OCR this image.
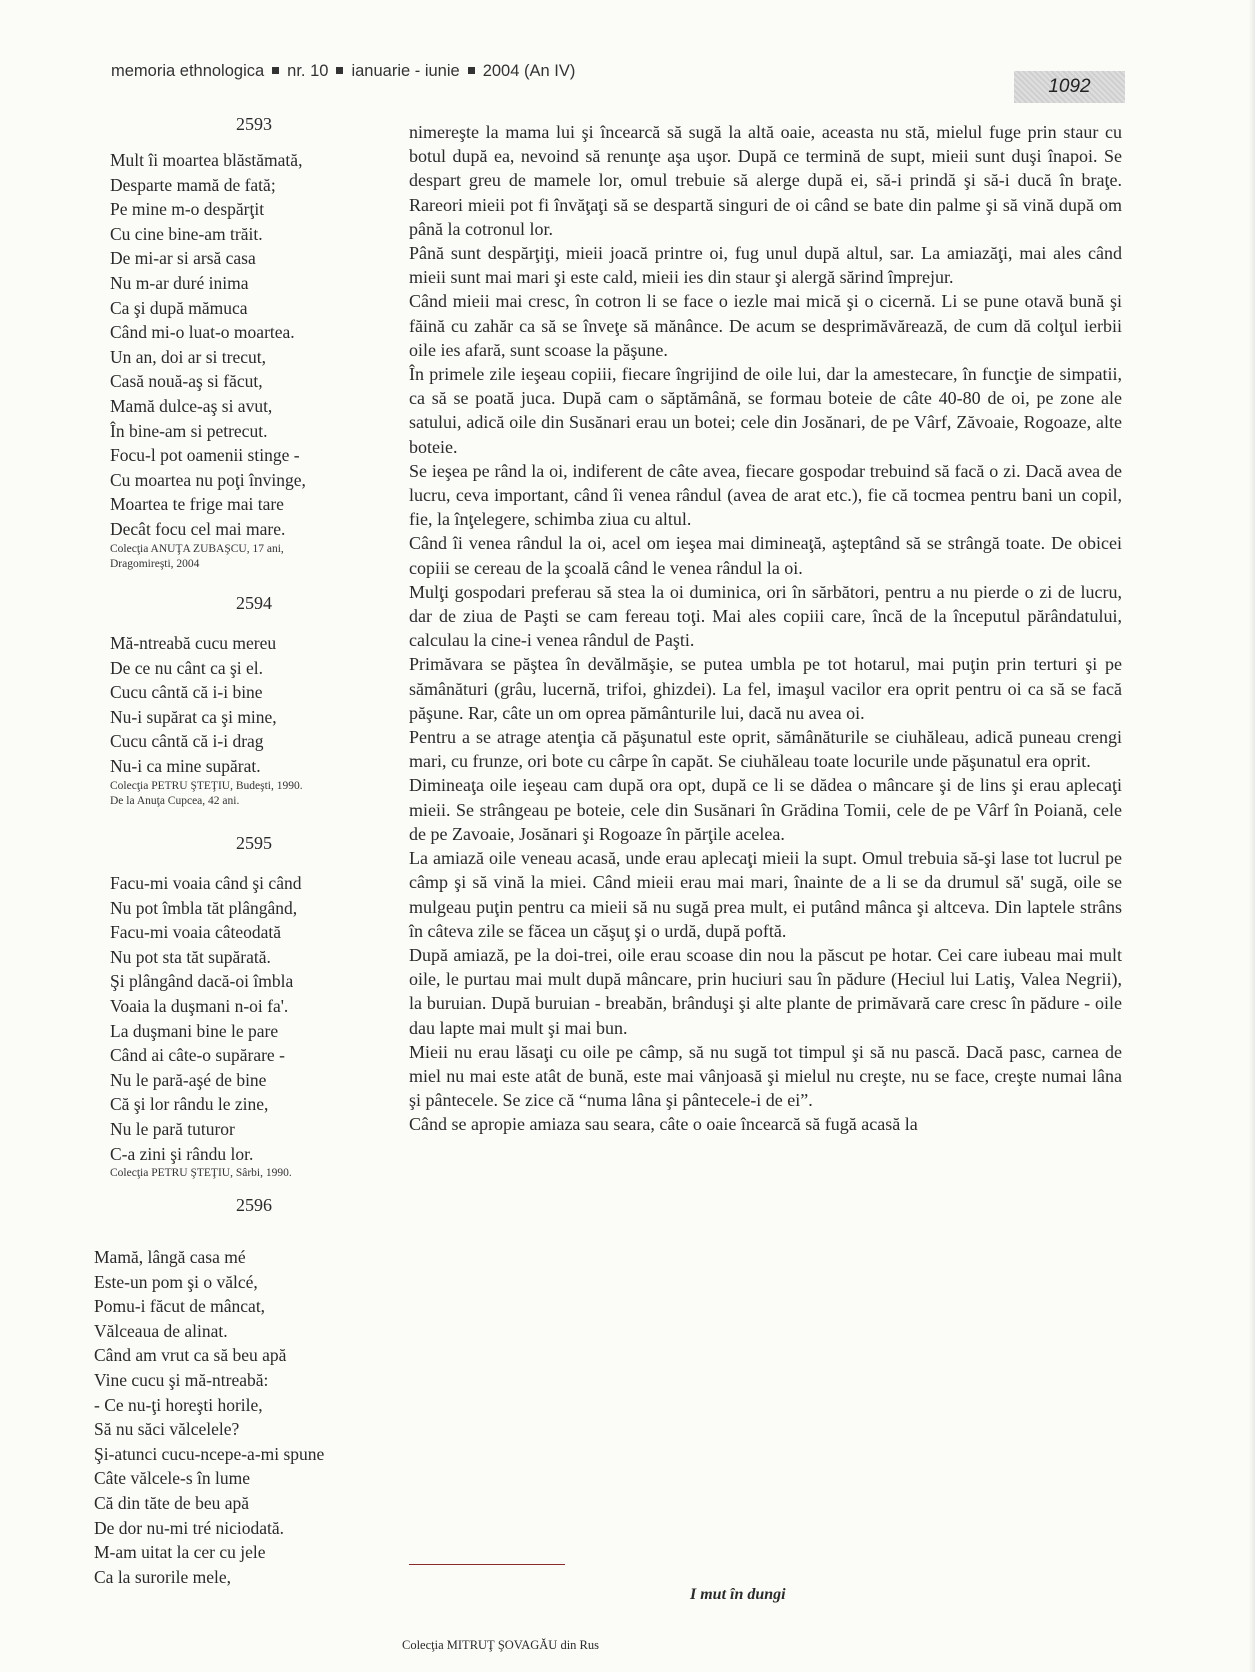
memoria ethnologica nr. 10 ianuarie - iunie 2004 (An IV)
1092
2593
Mult îi moartea blăstămată,
Desparte mamă de fată;
Pe mine m-o despărţit
Cu cine bine-am trăit.
De mi-ar si arsă casa
Nu m-ar duré inima
Ca şi după mămuca
Când mi-o luat-o moartea.
Un an, doi ar si trecut,
Casă nouă-aş si făcut,
Mamă dulce-aş si avut,
În bine-am si petrecut.
Focu-l pot oamenii stinge -
Cu moartea nu poţi învinge,
Moartea te frige mai tare
Decât focu cel mai mare.
Colecţia ANUŢA ZUBAŞCU, 17 ani,
Dragomireşti, 2004
2594
Mă-ntreabă cucu mereu
De ce nu cânt ca şi el.
Cucu cântă că i-i bine
Nu-i supărat ca şi mine,
Cucu cântă că i-i drag
Nu-i ca mine supărat.
Colecţia PETRU ŞTEŢIU, Budeşti, 1990.
De la Anuţa Cupcea, 42 ani.
2595
Facu-mi voaia când şi când
Nu pot îmbla tăt plângând,
Facu-mi voaia câteodată
Nu pot sta tăt supărată.
Şi plângând dacă-oi îmbla
Voaia la duşmani n-oi fa'.
La duşmani bine le pare
Când ai câte-o supărare -
Nu le pară-aşé de bine
Că şi lor rându le zine,
Nu le pară tuturor
C-a zini şi rându lor.
Colecţia PETRU ŞTEŢIU, Sârbi, 1990.
2596
Mamă, lângă casa mé
Este-un pom şi o vălcé,
Pomu-i făcut de mâncat,
Vălceaua de alinat.
Când am vrut ca să beu apă
Vine cucu şi mă-ntreabă:
- Ce nu-ţi horeşti horile,
Să nu săci vălcelele?
Şi-atunci cucu-ncepe-a-mi spune
Câte vălcele-s în lume
Că din tăte de beu apă
De dor nu-mi tré niciodată.
M-am uitat la cer cu jele
Ca la surorile mele,

nimereşte la mama lui şi încearcă să sugă la altă oaie, aceasta nu stă, mielul fuge prin staur cu botul după ea, nevoind să renunţe aşa uşor. După ce termină de supt, mieii sunt duşi înapoi. Se despart greu de mamele lor, omul trebuie să alerge după ei, să-i prindă şi să-i ducă în braţe. Rareori mieii pot fi învăţaţi să se despartă singuri de oi când se bate din palme şi să vină după om până la cotronul lor.

Până sunt despărţiţi, mieii joacă printre oi, fug unul după altul, sar. La amiazăţi, mai ales când mieii sunt mai mari şi este cald, mieii ies din staur şi alergă sărind împrejur.

Când mieii mai cresc, în cotron li se face o iezle mai mică şi o cicernă. Li se pune otavă bună şi făină cu zahăr ca să se înveţe să mănânce. De acum se desprimăvărează, de cum dă colţul ierbii oile ies afară, sunt scoase la păşune.

În primele zile ieşeau copiii, fiecare îngrijind de oile lui, dar la amestecare, în funcţie de simpatii, ca să se poată juca. După cam o săptămână, se formau boteie de câte 40-80 de oi, pe zone ale satului, adică oile din Susănari erau un botei; cele din Josănari, de pe Vârf, Zăvoaie, Rogoaze, alte boteie.

Se ieşea pe rând la oi, indiferent de câte avea, fiecare gospodar trebuind să facă o zi. Dacă avea de lucru, ceva important, când îi venea rândul (avea de arat etc.), fie că tocmea pentru bani un copil, fie, la înţelegere, schimba ziua cu altul.

Când îi venea rândul la oi, acel om ieşea mai dimineaţă, aşteptând să se strângă toate. De obicei copiii se cereau de la şcoală când le venea rândul la oi.

Mulţi gospodari preferau să stea la oi duminica, ori în sărbători, pentru a nu pierde o zi de lucru, dar de ziua de Paşti se cam fereau toţi. Mai ales copiii care, încă de la începutul părândatului, calculau la cine-i venea rândul de Paşti.

Primăvara se păştea în devălmăşie, se putea umbla pe tot hotarul, mai puţin prin terturi şi pe sămânături (grâu, lucernă, trifoi, ghizdei). La fel, imaşul vacilor era oprit pentru oi ca să se facă păşune. Rar, câte un om oprea pământurile lui, dacă nu avea oi.

Pentru a se atrage atenţia că păşunatul este oprit, sămânăturile se ciuhăleau, adică puneau crengi mari, cu frunze, ori bote cu cârpe în capăt. Se ciuhăleau toate locurile unde păşunatul era oprit.

Dimineaţa oile ieşeau cam după ora opt, după ce li se dădea o mâncare şi de lins şi erau aplecaţi mieii. Se strângeau pe boteie, cele din Susănari în Grădina Tomii, cele de pe Vârf în Poiană, cele de pe Zavoaie, Josănari şi Rogoaze în părţile acelea.

La amiază oile veneau acasă, unde erau aplecaţi mieii la supt. Omul trebuia să-şi lase tot lucrul pe câmp şi să vină la miei. Când mieii erau mai mari, înainte de a li se da drumul să' sugă, oile se mulgeau puţin pentru ca mieii să nu sugă prea mult, ei putând mânca şi altceva. Din laptele strâns în câteva zile se făcea un căşuţ şi o urdă, după poftă.

După amiază, pe la doi-trei, oile erau scoase din nou la păscut pe hotar. Cei care iubeau mai mult oile, le purtau mai mult după mâncare, prin huciuri sau în pădure (Heciul lui Latiş, Valea Negrii), la buruian. După buruian - breabăn, brânduşi şi alte plante de primăvară care cresc în pădure - oile dau lapte mai mult şi mai bun.

Mieii nu erau lăsaţi cu oile pe câmp, să nu sugă tot timpul şi să nu pască. Dacă pasc, carnea de miel nu mai este atât de bună, este mai vânjoasă şi mielul nu creşte, nu se face, creşte numai lâna şi pântecele. Se zice că “numa lâna şi pântecele-i de ei”.

Când se apropie amiaza sau seara, câte o oaie încearcă să fugă acasă la

I mut în dungi
Colecţia MITRUŢ ŞOVAGĂU din Rus
